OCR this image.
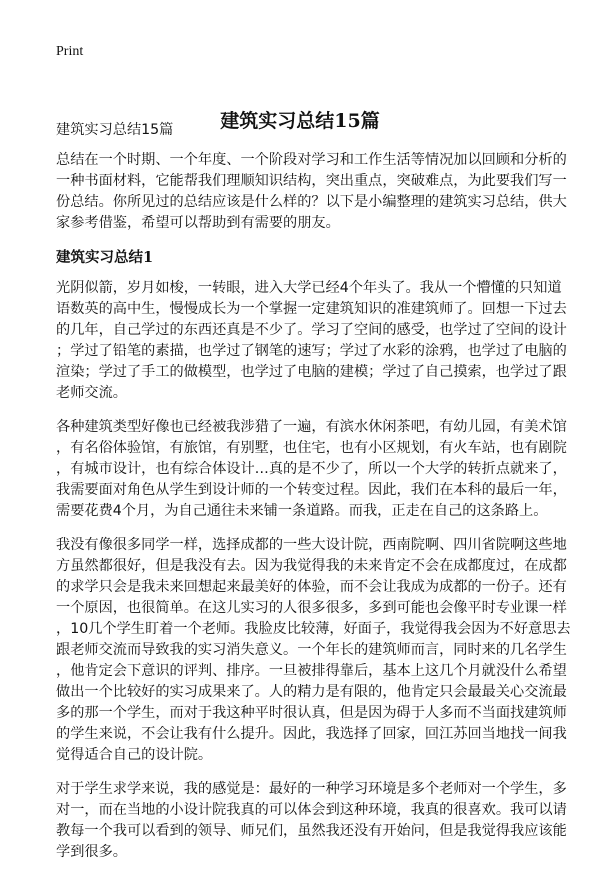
Print
建筑实习总结15篇
建筑实习总结15篇

总结在一个时期、一个年度、一个阶段对学习和工作生活等情况加以回顾和分析的
一种书面材料，它能帮我们理顺知识结构，突出重点，突破难点，为此要我们写一
份总结。你所见过的总结应该是什么样的？以下是小编整理的建筑实习总结，供大
家参考借鉴，希望可以帮助到有需要的朋友。

建筑实习总结1

光阴似箭，岁月如梭，一转眼，进入大学已经4个年头了。我从一个懵懂的只知道
语数英的高中生，慢慢成长为一个掌握一定建筑知识的准建筑师了。回想一下过去
的几年，自己学过的东西还真是不少了。学习了空间的感受，也学过了空间的设计
；学过了铅笔的素描，也学过了钢笔的速写；学过了水彩的涂鸦，也学过了电脑的
渲染；学过了手工的做模型，也学过了电脑的建模；学过了自己摸索，也学过了跟
老师交流。

各种建筑类型好像也已经被我涉猎了一遍，有滨水休闲茶吧，有幼儿园，有美术馆
，有名俗体验馆，有旅馆，有别墅，也住宅，也有小区规划，有火车站，也有剧院
，有城市设计，也有综合体设计…真的是不少了，所以一个大学的转折点就来了，
我需要面对角色从学生到设计师的一个转变过程。因此，我们在本科的最后一年，
需要花费4个月，为自己通往未来铺一条道路。而我，正走在自己的这条路上。

我没有像很多同学一样，选择成都的一些大设计院，西南院啊、四川省院啊这些地
方虽然都很好，但是我没有去。因为我觉得我的未来肯定不会在成都度过，在成都
的求学只会是我未来回想起来最美好的体验，而不会让我成为成都的一份子。还有
一个原因，也很简单。在这儿实习的人很多很多，多到可能也会像平时专业课一样
，10几个学生盯着一个老师。我脸皮比较薄，好面子，我觉得我会因为不好意思去
跟老师交流而导致我的实习消失意义。一个年长的建筑师而言，同时来的几名学生
，他肯定会下意识的评判、排序。一旦被排得靠后，基本上这几个月就没什么希望
做出一个比较好的实习成果来了。人的精力是有限的，他肯定只会最最关心交流最
多的那一个学生，而对于我这种平时很认真，但是因为碍于人多而不当面找建筑师
的学生来说，不会让我有什么提升。因此，我选择了回家，回江苏回当地找一间我
觉得适合自己的设计院。

对于学生求学来说，我的感觉是：最好的一种学习环境是多个老师对一个学生，多
对一，而在当地的小设计院我真的可以体会到这种环境，我真的很喜欢。我可以请
教每一个我可以看到的领导、师兄们，虽然我还没有开始问，但是我觉得我应该能
学到很多。
